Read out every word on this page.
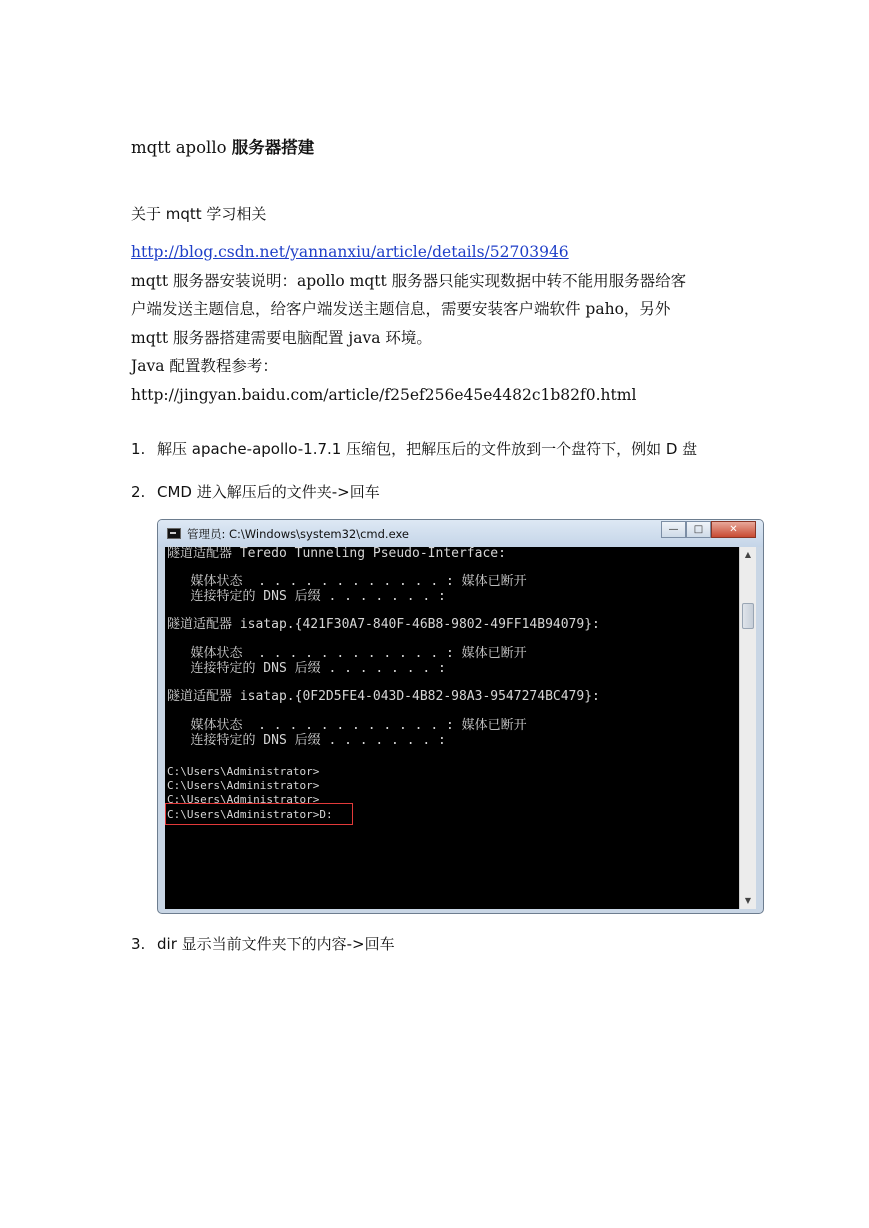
mqtt apollo 服务器搭建
关于 mqtt 学习相关
http://blog.csdn.net/yannanxiu/article/details/52703946
mqtt 服务器安装说明：apollo mqtt 服务器只能实现数据中转不能用服务器给客
户端发送主题信息，给客户端发送主题信息，需要安装客户端软件 paho，另外
mqtt 服务器搭建需要电脑配置 java 环境。
Java 配置教程参考：
http://jingyan.baidu.com/article/f25ef256e45e4482c1b82f0.html
1. 解压 apache-apollo-1.7.1 压缩包，把解压后的文件放到一个盘符下，例如 D 盘
2. CMD 进入解压后的文件夹->回车
管理员: C:\Windows\system32\cmd.exe	—	□	✕
隧道适配器 Teredo Tunneling Pseudo-Interface:
媒体状态  . . . . . . . . . . . . : 媒体已断开
连接特定的 DNS 后缀 . . . . . . . :
隧道适配器 isatap.{421F30A7-840F-46B8-9802-49FF14B94079}:
媒体状态  . . . . . . . . . . . . : 媒体已断开
连接特定的 DNS 后缀 . . . . . . . :
隧道适配器 isatap.{0F2D5FE4-043D-4B82-98A3-9547274BC479}:
媒体状态  . . . . . . . . . . . . : 媒体已断开
连接特定的 DNS 后缀 . . . . . . . :
C:\Users\Administrator>
C:\Users\Administrator>
C:\Users\Administrator>
C:\Users\Administrator>D:
▲
▼
3. dir 显示当前文件夹下的内容->回车
